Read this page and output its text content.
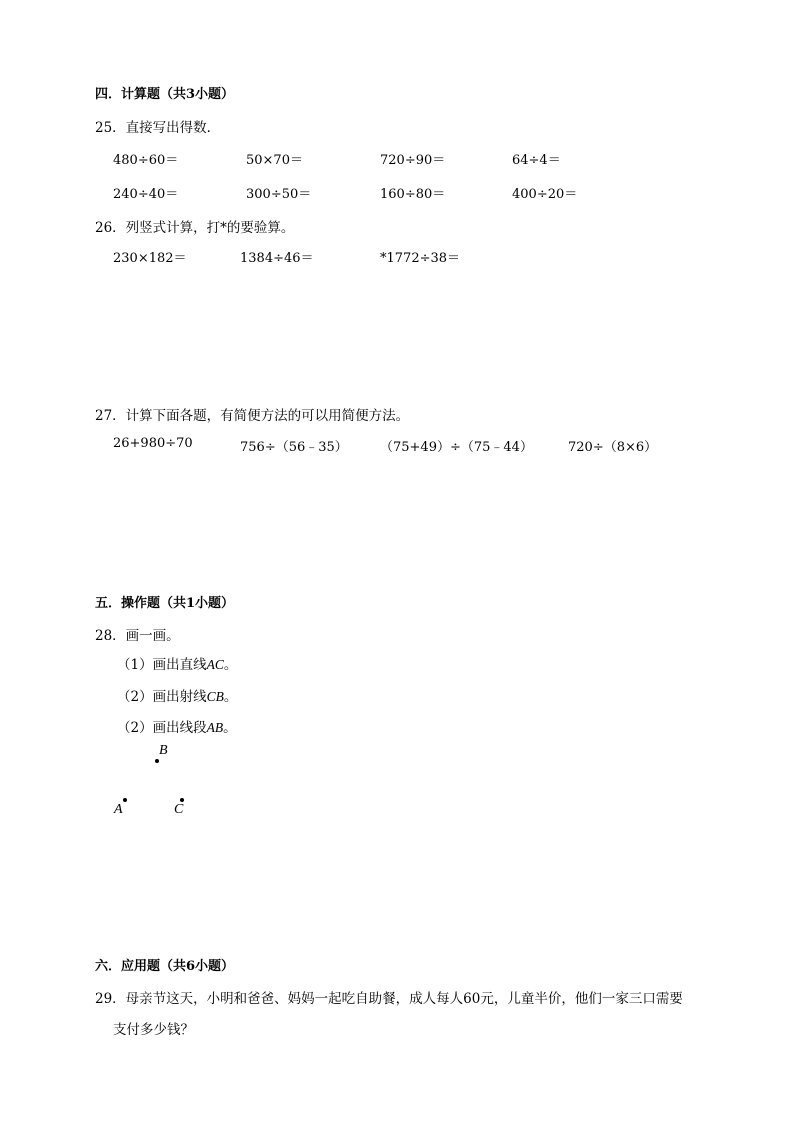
四．计算题（共3小题）
25．直接写出得数．
480÷60＝	50×70＝	720÷90＝	64÷4＝
240÷40＝	300÷50＝	160÷80＝	400÷20＝
26．列竖式计算，打*的要验算。
230×182＝	1384÷46＝	*1772÷38＝
27．计算下面各题，有简便方法的可以用简便方法。
26+980÷70	756÷（56﹣35） （75+49）÷（75﹣44）	720÷（8×6）
五．操作题（共1小题）
28．画一画。
（1）画出直线AC。
（2）画出射线CB。
（2）画出线段AB。
B
A	C
六．应用题（共6小题）
29．母亲节这天，小明和爸爸、妈妈一起吃自助餐，成人每人60元，儿童半价，他们一家三口需要
支付多少钱？
